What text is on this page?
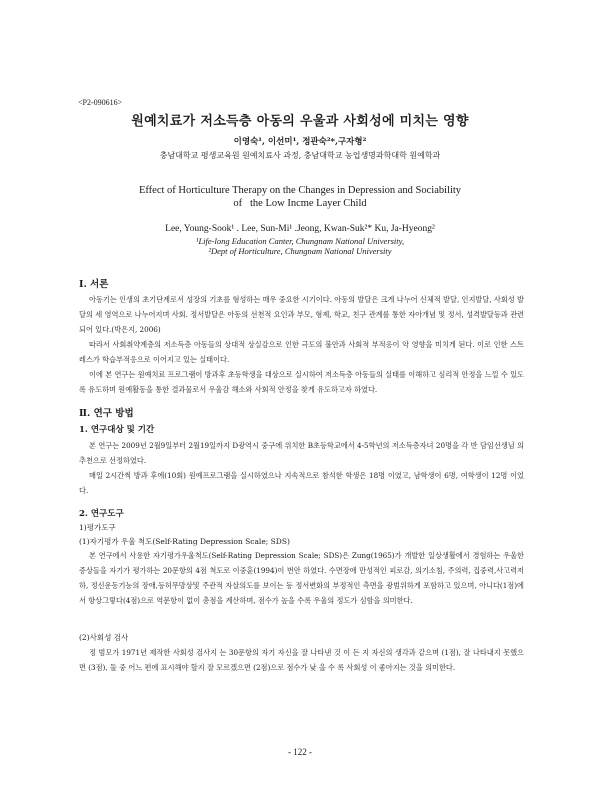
<P2-090616>
원예치료가 저소득층 아동의 우울과 사회성에 미치는 영향
이영숙¹, 이선미¹, 정관숙²*,구자형²
충남대학교 평생교육원 원예치료사 과정, 충남대학교 농업생명과학대학 원예학과
Effect of Horticulture Therapy on the Changes in Depression and Sociability
of   the Low Incme Layer Child
Lee, Young-Sook¹ . Lee, Sun-Mi¹ .Jeong, Kwan-Suk²* Ku, Ja-Hyeong²
¹Life-long Education Canter, Chungnam National University,
²Dept of Horticulture, Chungnam National University
Ⅰ. 서론

아동기는 인생의 초기단계로서 성장의 기초를 형성하는 매우 중요한 시기이다. 아동의 발달은 크게 나누어 신체적 발달, 인지발달, 사회성 발달의 세 영역으로 나누어지며 사회. 정서발달은 아동의 선천적 요인과 부모, 형제, 학교, 친구 관계를 통한 자아개념 및 정서, 성격발달등과 관련되어 있다.(박은지, 2006)

따라서 사회취약계층의 저소득층 아동들의 상대적 상실감으로 인한 극도의 불안과 사회적 부적응이 악 영향을 미치게 된다. 이로 인한 스트레스가 학습부적응으로 이어지고 있는 실태이다.

이에 본 연구는 원예치료 프로그램이 방과후 초등학생을 대상으로 실시하여 저소득층 아동들의 실태를 이해하고 심리적 안정을 느낄 수 있도록 유도하며 원예활동을 통한 결과물로서 우울감 해소와 사회적 안정을 찾게 유도하고자 하였다.

Ⅱ. 연구 방법
1. 연구대상 및 기간

본 연구는 2009년 2월9일부터 2월19일까지 D광역시 중구에 위치한 B초등학교에서 4-5학년의 저소득층자녀 20명을 각 반 담임선생님 의 추천으로 선정하였다.

매일 2시간씩 방과 후에(10회) 원예프로그램을 실시하였으나 지속적으로 참석한 학생은 18명 이였고, 남학생이 6명, 여학생이 12명 이었다.

2. 연구도구
1)평가도구
(1)자기평가 우울 척도(Self-Rating Depression Scale; SDS)

본 연구에서 사용한 자기평가우울척도(Self-Rating Depression Scale; SDS)은 Zung(1965)가 개발한 일상생활에서 경험하는 우울한 증상들을 자기가 평가하는 20문항의 4점 척도로 이중훈(1994)이 번안 하였다. 수면장애 만성적인 피로감, 의기소침, 주의력, 집중력,사고력저하, 정신운동기능의 장애,등허무망상및 주관적 자살의도를 보이는 등 정서변화의 부정적인 측면을 광범위하게 포함하고 있으며, 아니다(1점)에서 항상그렇다(4점)으로 역문항이 없이 총점을 계산하며, 점수가 높을 수록 우울의 정도가 심함을 의미한다.

(2)사회성 검사

정 범모가 1971년 제작한 사회성 검사지 는 30문항의 자기 자신을 잘 나타낸 것 이 든 지 자신의 생각과 같으며 (1점), 잘 나타내지 못했으면 (3점), 둘 중 어느 편에 표시해야 할지 잘 모르겠으면 (2점)으로 점수가 낮 을 수 록 사회성 이 좋아지는 것을 의미한다.

- 122 -
